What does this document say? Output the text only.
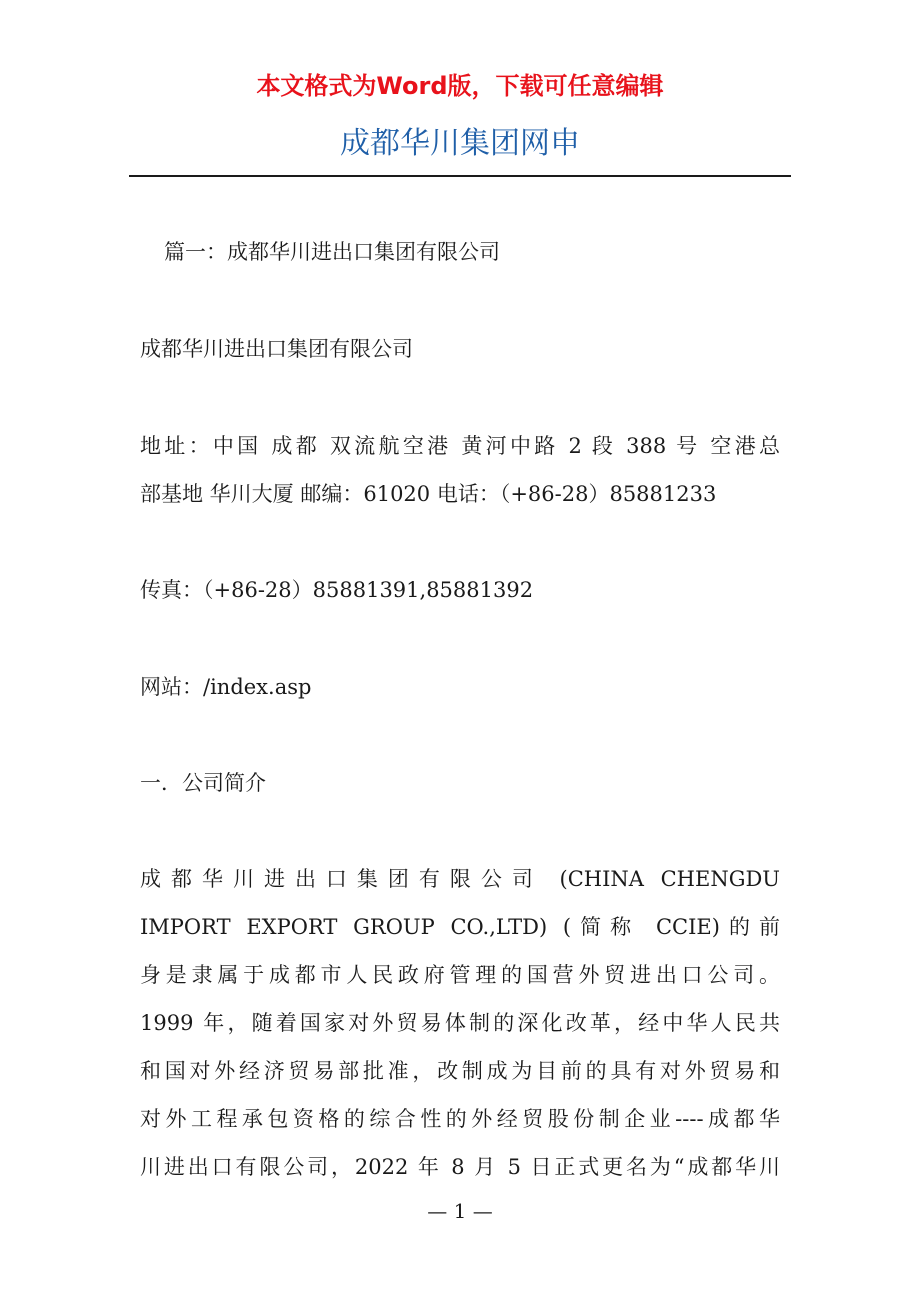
本文格式为Word版，下载可任意编辑
成都华川集团网申
篇一：成都华川进出口集团有限公司
成都华川进出口集团有限公司
地址：中国 成都 双流航空港 黄河中路 2 段 388 号 空港总
部基地 华川大厦 邮编：61020 电话：（+86-28）85881233
传真：（+86-28）85881391,85881392
网站：/index.asp
一．公司简介
成都华川进出口集团有限公司 (CHINA CHENGDU
IMPORT EXPORT GROUP CO.,LTD) (简称 CCIE)的前
身是隶属于成都市人民政府管理的国营外贸进出口公司。
1999 年，随着国家对外贸易体制的深化改革，经中华人民共
和国对外经济贸易部批准，改制成为目前的具有对外贸易和
对外工程承包资格的综合性的外经贸股份制企业----成都华
川进出口有限公司，2022 年 8 月 5 日正式更名为“成都华川
— 1 —
